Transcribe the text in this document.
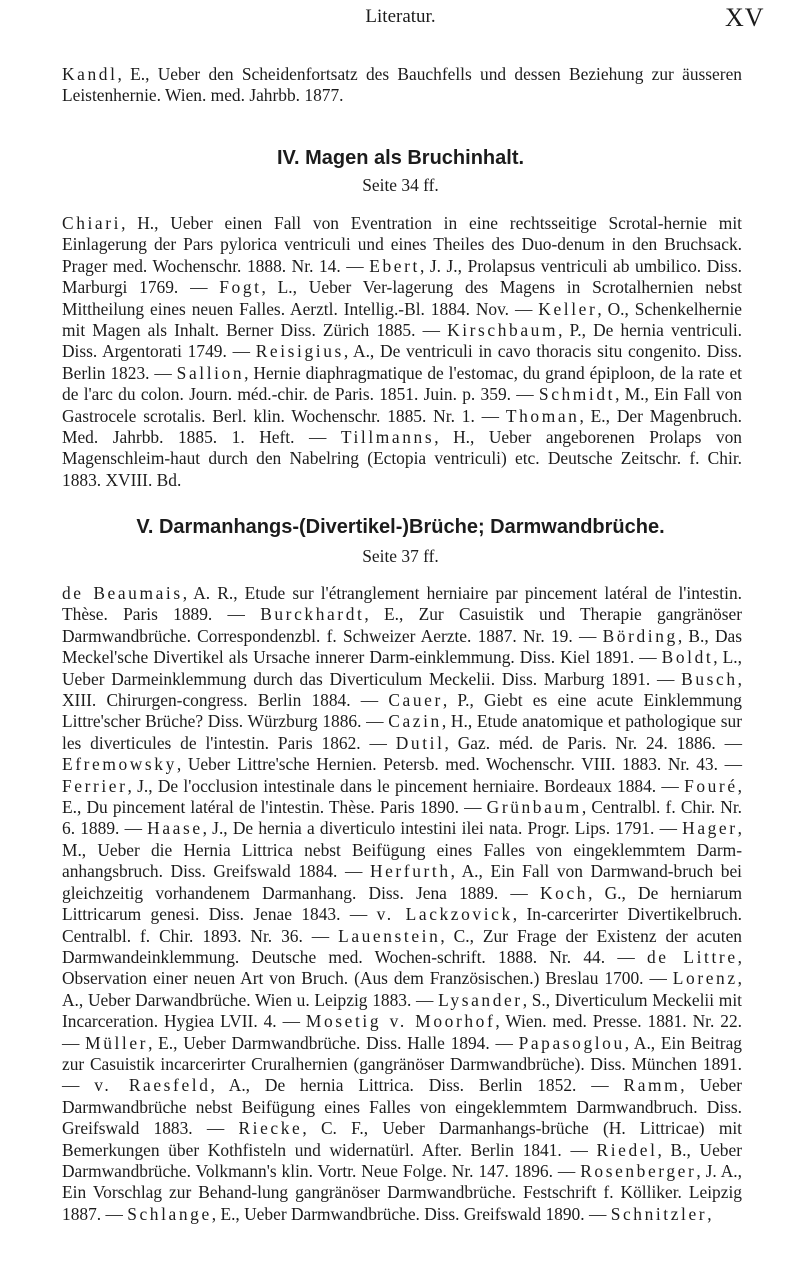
Literatur.	XV

Kandl, E., Ueber den Scheidenfortsatz des Bauchfells und dessen Beziehung zur äusseren Leistenhernie. Wien. med. Jahrbb. 1877.

IV. Magen als Bruchinhalt.
Seite 34 ff.

Chiari, H., Ueber einen Fall von Eventration in eine rechtsseitige Scrotal-hernie mit Einlagerung der Pars pylorica ventriculi und eines Theiles des Duo-denum in den Bruchsack. Prager med. Wochenschr. 1888. Nr. 14. — Ebert, J. J., Prolapsus ventriculi ab umbilico. Diss. Marburgi 1769. — Fogt, L., Ueber Ver-lagerung des Magens in Scrotalhernien nebst Mittheilung eines neuen Falles. Aerztl. Intellig.-Bl. 1884. Nov. — Keller, O., Schenkelhernie mit Magen als Inhalt. Berner Diss. Zürich 1885. — Kirschbaum, P., De hernia ventriculi. Diss. Argentorati 1749. — Reisigius, A., De ventriculi in cavo thoracis situ congenito. Diss. Berlin 1823. — Sallion, Hernie diaphragmatique de l'estomac, du grand épiploon, de la rate et de l'arc du colon. Journ. méd.-chir. de Paris. 1851. Juin. p. 359. — Schmidt, M., Ein Fall von Gastrocele scrotalis. Berl. klin. Wochenschr. 1885. Nr. 1. — Thoman, E., Der Magenbruch. Med. Jahrbb. 1885. 1. Heft. — Tillmanns, H., Ueber angeborenen Prolaps von Magenschleim-haut durch den Nabelring (Ectopia ventriculi) etc. Deutsche Zeitschr. f. Chir. 1883. XVIII. Bd.

V. Darmanhangs-(Divertikel-)Brüche; Darmwandbrüche.
Seite 37 ff.

de Beaumais, A. R., Etude sur l'étranglement herniaire par pincement latéral de l'intestin. Thèse. Paris 1889. — Burckhardt, E., Zur Casuistik und Therapie gangränöser Darmwandbrüche. Correspondenzbl. f. Schweizer Aerzte. 1887. Nr. 19. — Börding, B., Das Meckel'sche Divertikel als Ursache innerer Darm-einklemmung. Diss. Kiel 1891. — Boldt, L., Ueber Darmeinklemmung durch das Diverticulum Meckelii. Diss. Marburg 1891. — Busch, XIII. Chirurgen-congress. Berlin 1884. — Cauer, P., Giebt es eine acute Einklemmung Littre'scher Brüche? Diss. Würzburg 1886. — Cazin, H., Etude anatomique et pathologique sur les diverticules de l'intestin. Paris 1862. — Dutil, Gaz. méd. de Paris. Nr. 24. 1886. — Efremowsky, Ueber Littre'sche Hernien. Petersb. med. Wochenschr. VIII. 1883. Nr. 43. — Ferrier, J., De l'occlusion intestinale dans le pincement herniaire. Bordeaux 1884. — Fouré, E., Du pincement latéral de l'intestin. Thèse. Paris 1890. — Grünbaum, Centralbl. f. Chir. Nr. 6. 1889. — Haase, J., De hernia a diverticulo intestini ilei nata. Progr. Lips. 1791. — Hager, M., Ueber die Hernia Littrica nebst Beifügung eines Falles von eingeklemmtem Darm-anhangsbruch. Diss. Greifswald 1884. — Herfurth, A., Ein Fall von Darmwand-bruch bei gleichzeitig vorhandenem Darmanhang. Diss. Jena 1889. — Koch, G., De herniarum Littricarum genesi. Diss. Jenae 1843. — v. Lackzovick, In-carcerirter Divertikelbruch. Centralbl. f. Chir. 1893. Nr. 36. — Lauenstein, C., Zur Frage der Existenz der acuten Darmwandeinklemmung. Deutsche med. Wochen-schrift. 1888. Nr. 44. — de Littre, Observation einer neuen Art von Bruch. (Aus dem Französischen.) Breslau 1700. — Lorenz, A., Ueber Darwandbrüche. Wien u. Leipzig 1883. — Lysander, S., Diverticulum Meckelii mit Incarceration. Hygiea LVII. 4. — Mosetig v. Moorhof, Wien. med. Presse. 1881. Nr. 22. — Müller, E., Ueber Darmwandbrüche. Diss. Halle 1894. — Papasoglou, A., Ein Beitrag zur Casuistik incarcerirter Cruralhernien (gangränöser Darmwandbrüche). Diss. München 1891. — v. Raesfeld, A., De hernia Littrica. Diss. Berlin 1852. — Ramm, Ueber Darmwandbrüche nebst Beifügung eines Falles von eingeklemmtem Darmwandbruch. Diss. Greifswald 1883. — Riecke, C. F., Ueber Darmanhangs-brüche (H. Littricae) mit Bemerkungen über Kothfisteln und widernatürl. After. Berlin 1841. — Riedel, B., Ueber Darmwandbrüche. Volkmann's klin. Vortr. Neue Folge. Nr. 147. 1896. — Rosenberger, J. A., Ein Vorschlag zur Behand-lung gangränöser Darmwandbrüche. Festschrift f. Kölliker. Leipzig 1887. — Schlange, E., Ueber Darmwandbrüche. Diss. Greifswald 1890. — Schnitzler,
